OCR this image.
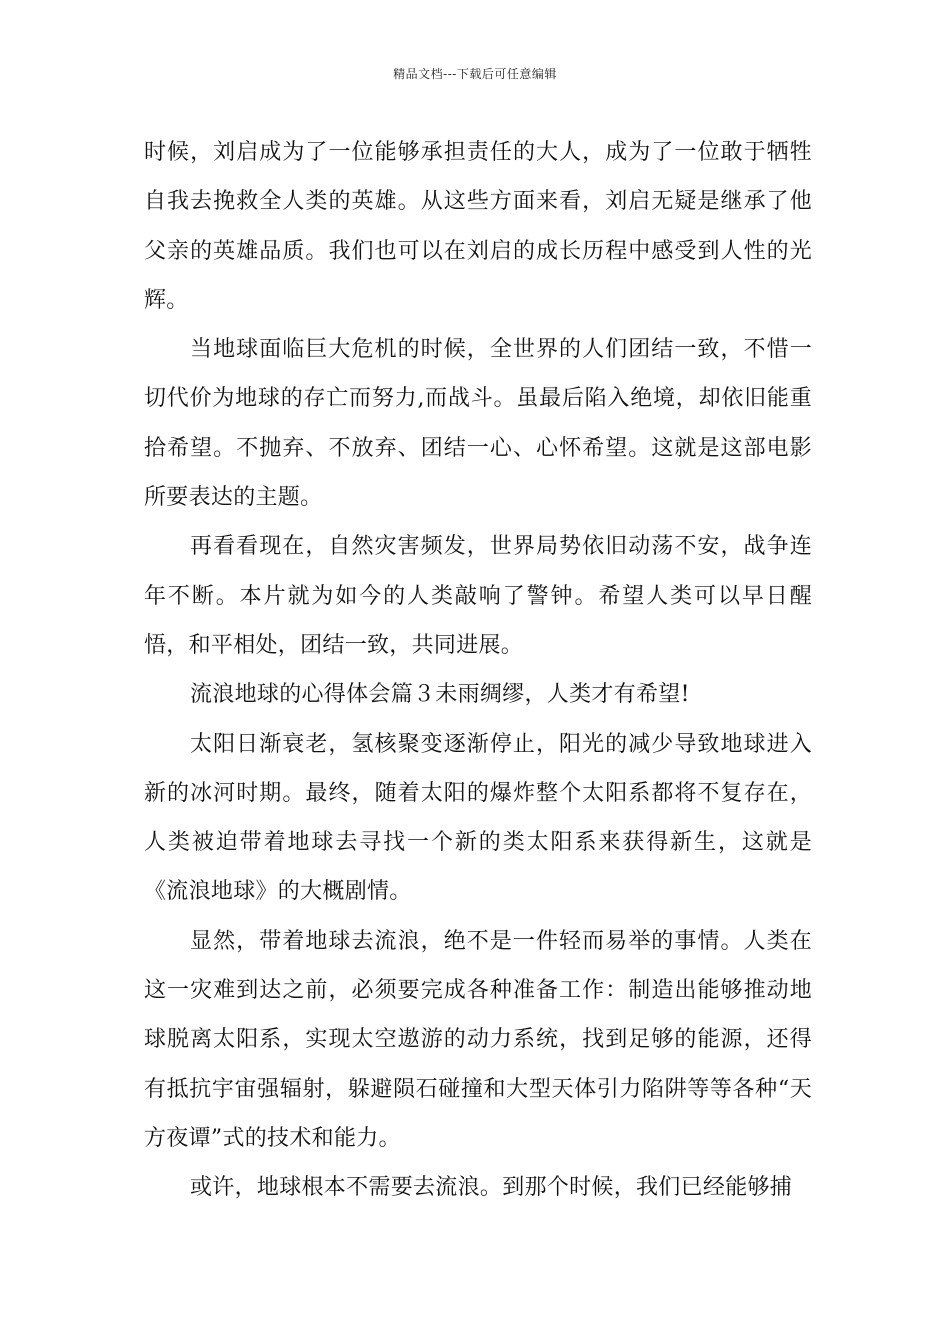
精品文档---下载后可任意编辑

时候，刘启成为了一位能够承担责任的大人，成为了一位敢于牺牲自我去挽救全人类的英雄。从这些方面来看，刘启无疑是继承了他父亲的英雄品质。我们也可以在刘启的成长历程中感受到人性的光辉。

当地球面临巨大危机的时候，全世界的人们团结一致，不惜一切代价为地球的存亡而努力,而战斗。虽最后陷入绝境，却依旧能重拾希望。不抛弃、不放弃、团结一心、心怀希望。这就是这部电影所要表达的主题。

再看看现在，自然灾害频发，世界局势依旧动荡不安，战争连年不断。本片就为如今的人类敲响了警钟。希望人类可以早日醒悟，和平相处，团结一致，共同进展。

流浪地球的心得体会篇３未雨绸缪，人类才有希望!

太阳日渐衰老，氢核聚变逐渐停止，阳光的减少导致地球进入新的冰河时期。最终，随着太阳的爆炸整个太阳系都将不复存在，人类被迫带着地球去寻找一个新的类太阳系来获得新生，这就是《流浪地球》的大概剧情。

显然，带着地球去流浪，绝不是一件轻而易举的事情。人类在这一灾难到达之前，必须要完成各种准备工作：制造出能够推动地球脱离太阳系，实现太空遨游的动力系统，找到足够的能源，还得有抵抗宇宙强辐射，躲避陨石碰撞和大型天体引力陷阱等等各种“天方夜谭”式的技术和能力。

或许，地球根本不需要去流浪。到那个时候，我们已经能够捕
